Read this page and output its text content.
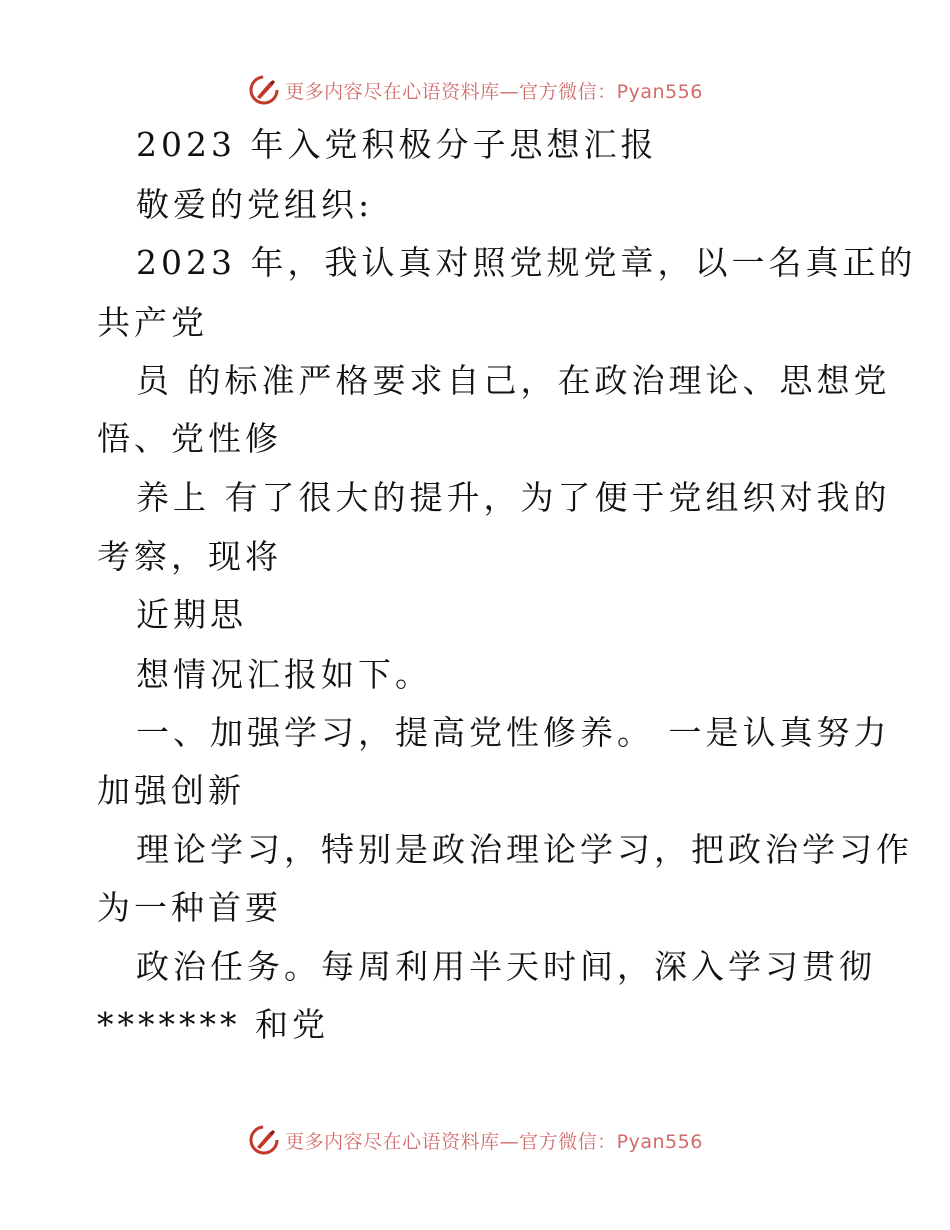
更多内容尽在心语资料库—官方微信：Pyan556
2023 年入党积极分子思想汇报
敬爱的党组织:
2023 年，我认真对照党规党章，以一名真正的
共产党
员 的标准严格要求自己，在政治理论、思想党
悟、党性修
养上 有了很大的提升，为了便于党组织对我的
考察，现将
近期思
想情况汇报如下。
一、加强学习，提高党性修养。 一是认真努力
加强创新
理论学习，特别是政治理论学习，把政治学习作
为一种首要
政治任务。每周利用半天时间，深入学习贯彻
******* 和党
更多内容尽在心语资料库—官方微信：Pyan556
